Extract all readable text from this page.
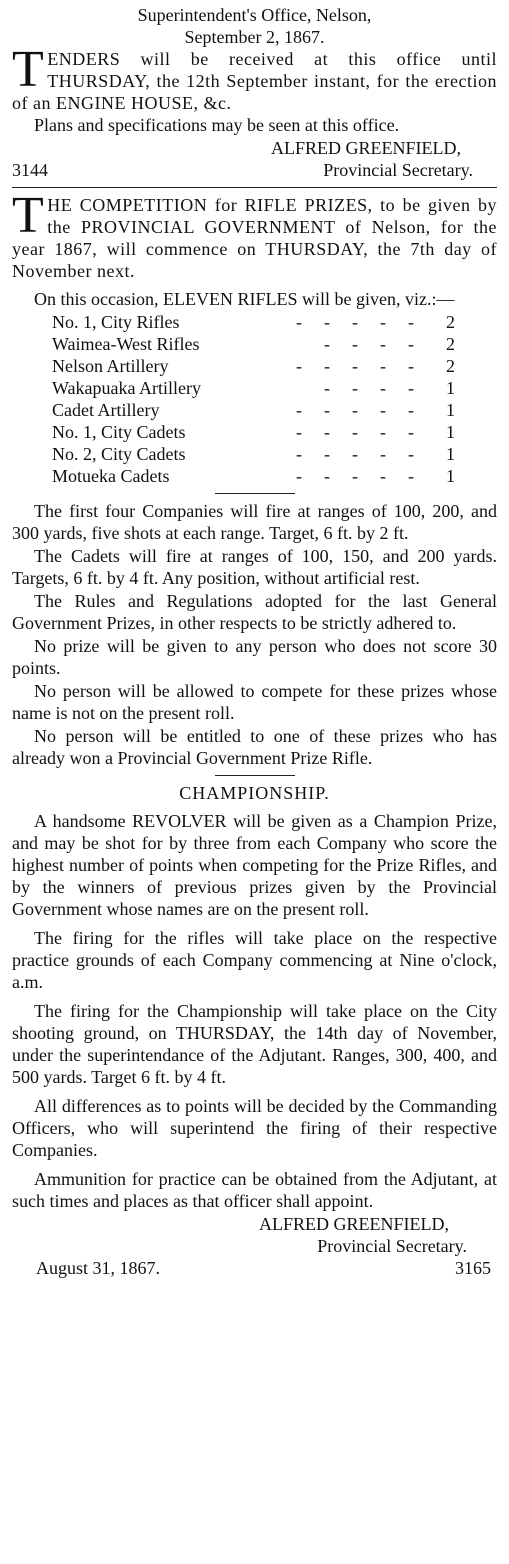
Superintendent's Office, Nelson,
September 2, 1867.

TENDERS will be received at this office until THURSDAY, the 12th September instant, for the erection of an ENGINE HOUSE, &c.

Plans and specifications may be seen at this office.

ALFRED GREENFIELD,
3144	Provincial Secretary.

THE COMPETITION for RIFLE PRIZES, to be given by the PROVINCIAL GOVERNMENT of Nelson, for the year 1867, will commence on THURSDAY, the 7th day of November next.

On this occasion, ELEVEN RIFLES will be given, viz.:—

No. 1, City Rifles	----- 2
Waimea-West Rifles	---- 2
Nelson Artillery	----- 2
Wakapuaka Artillery	---- 1
Cadet Artillery	----- 1
No. 1, City Cadets	----- 1
No. 2, City Cadets	----- 1
Motueka Cadets	----- 1

The first four Companies will fire at ranges of 100, 200, and 300 yards, five shots at each range. Target, 6 ft. by 2 ft.

The Cadets will fire at ranges of 100, 150, and 200 yards. Targets, 6 ft. by 4 ft. Any position, without artificial rest.

The Rules and Regulations adopted for the last General Government Prizes, in other respects to be strictly adhered to.

No prize will be given to any person who does not score 30 points.

No person will be allowed to compete for these prizes whose name is not on the present roll.

No person will be entitled to one of these prizes who has already won a Provincial Government Prize Rifle.

CHAMPIONSHIP.

A handsome REVOLVER will be given as a Champion Prize, and may be shot for by three from each Company who score the highest number of points when competing for the Prize Rifles, and by the winners of previous prizes given by the Provincial Government whose names are on the present roll.

The firing for the rifles will take place on the respective practice grounds of each Company commencing at Nine o'clock, a.m.

The firing for the Championship will take place on the City shooting ground, on THURSDAY, the 14th day of November, under the superintendance of the Adjutant. Ranges, 300, 400, and 500 yards. Target 6 ft. by 4 ft.

All differences as to points will be decided by the Commanding Officers, who will superintend the firing of their respective Companies.

Ammunition for practice can be obtained from the Adjutant, at such times and places as that officer shall appoint.

ALFRED GREENFIELD,
Provincial Secretary.
August 31, 1867.	3165
